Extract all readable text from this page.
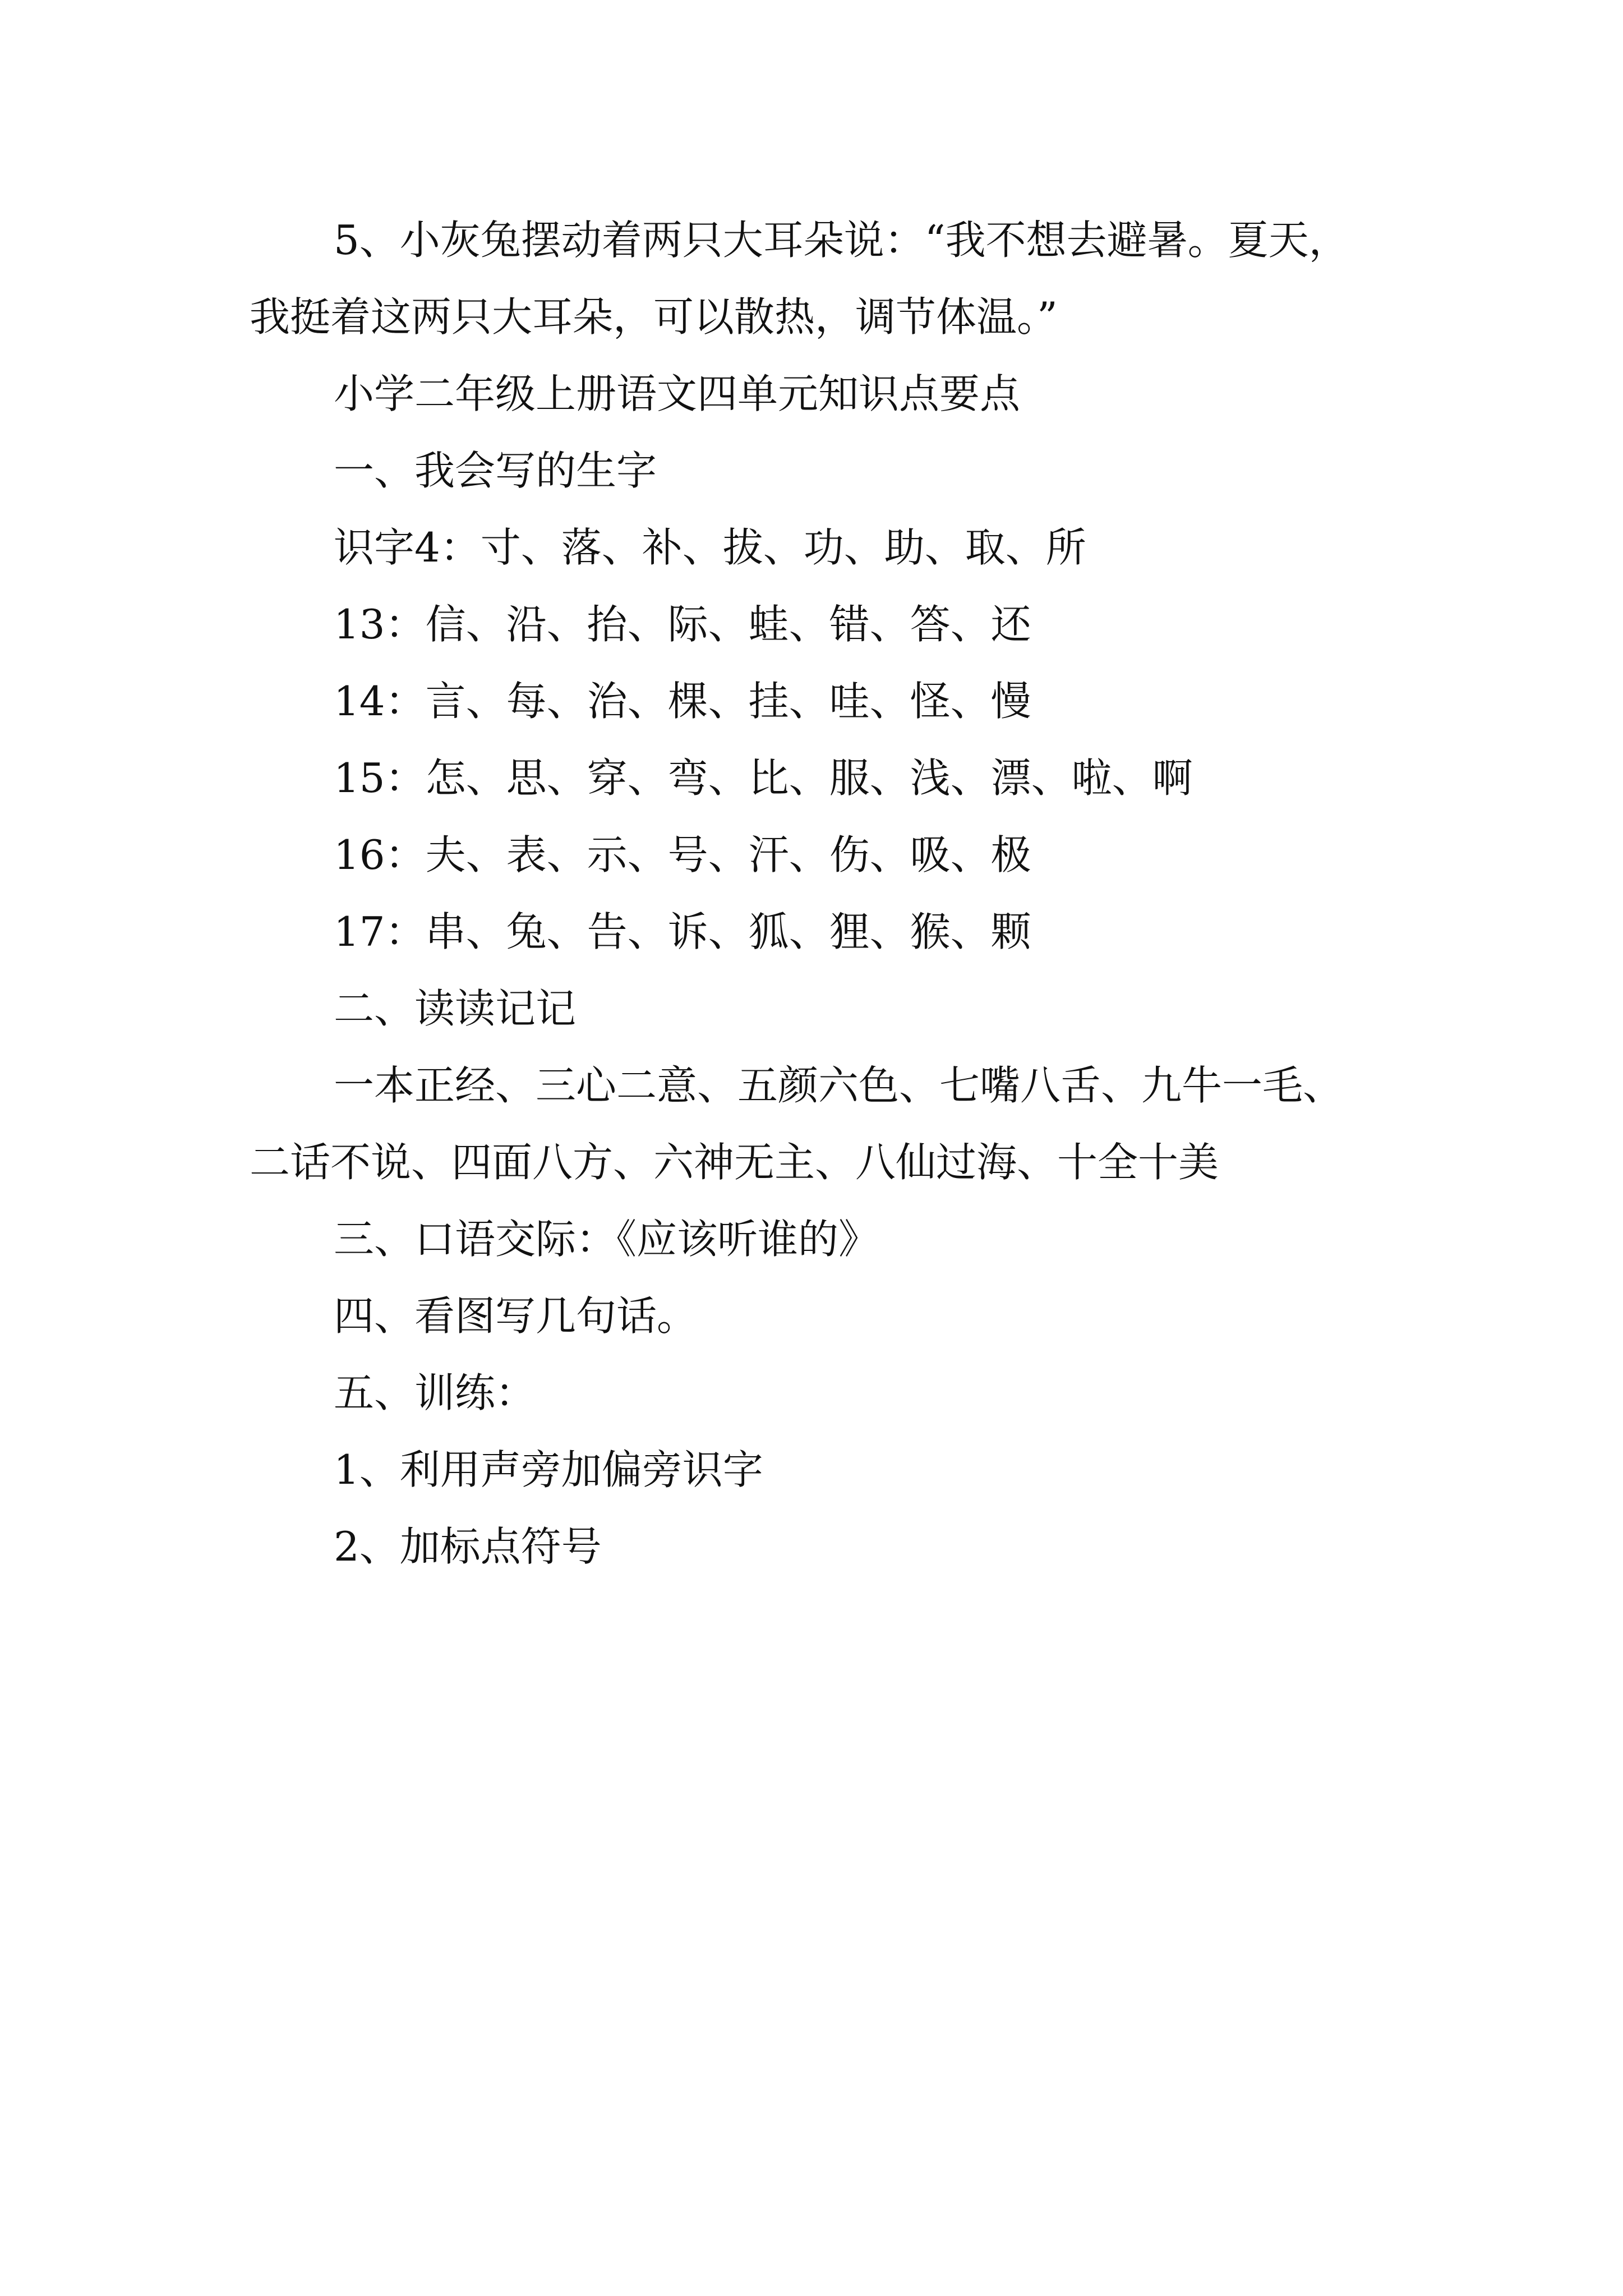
5、小灰兔摆动着两只大耳朵说：“我不想去避暑。夏天，我挺着这两只大耳朵，可以散热，调节体温。”

小学二年级上册语文四单元知识点要点

一、我会写的生字

识字4：寸、落、补、拔、功、助、取、所

13：信、沿、抬、际、蛙、错、答、还

14：言、每、治、棵、挂、哇、怪、慢

15：怎、思、穿、弯、比、服、浅、漂、啦、啊

16：夫、表、示、号、汗、伤、吸、极

17：串、兔、告、诉、狐、狸、猴、颗

二、读读记记

一本正经、三心二意、五颜六色、七嘴八舌、九牛一毛、二话不说、四面八方、六神无主、八仙过海、十全十美

三、口语交际：《应该听谁的》

四、看图写几句话。

五、训练：

1、利用声旁加偏旁识字

2、加标点符号
